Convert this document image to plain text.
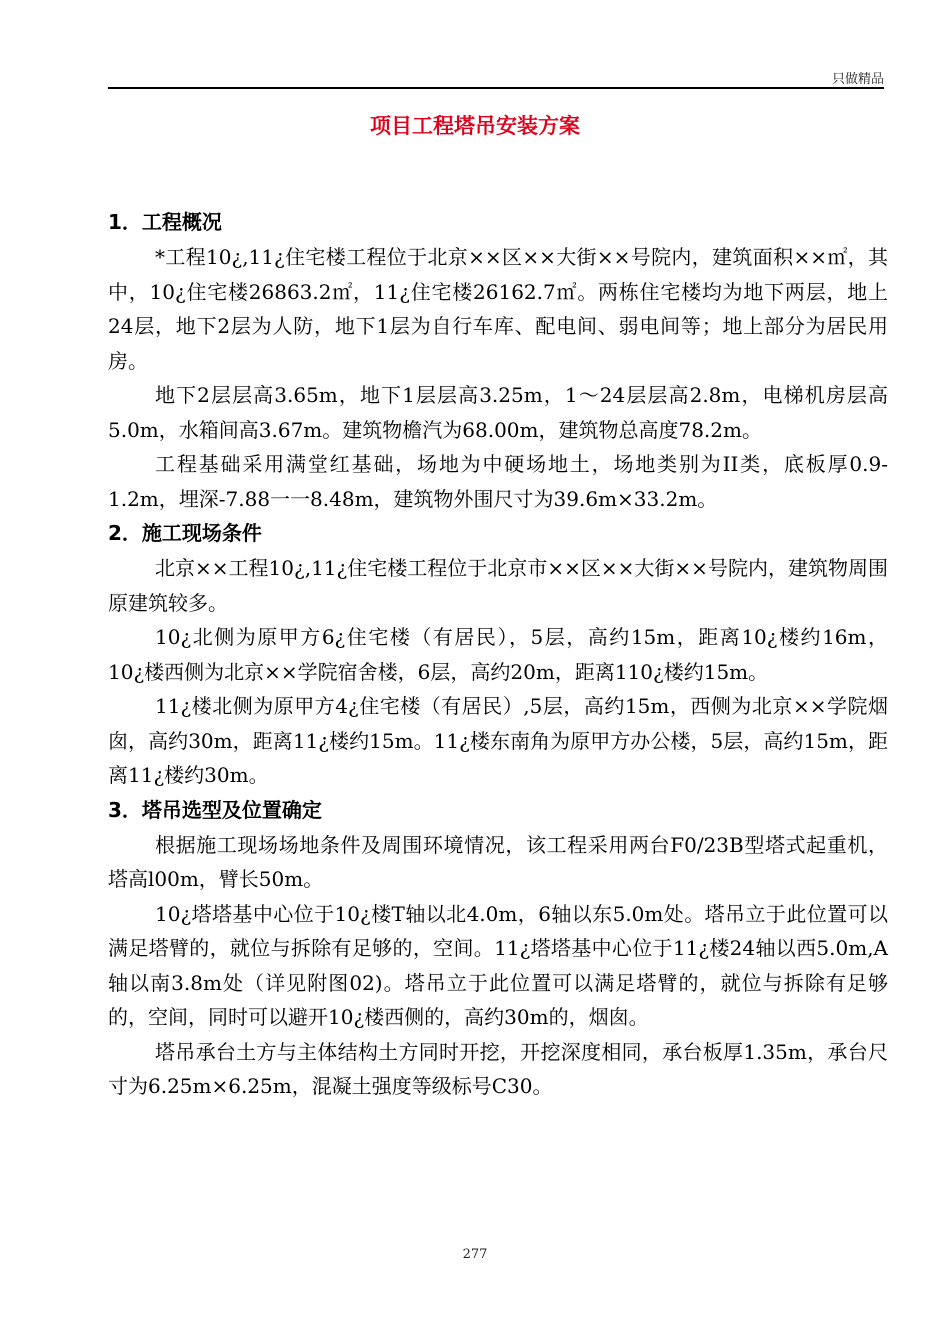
只做精品
项目工程塔吊安装方案
1．工程概况

*工程10¿,11¿住宅楼工程位于北京××区××大街××号院内，建筑面积××㎡，其中，10¿住宅楼26863.2㎡，11¿住宅楼26162.7㎡。两栋住宅楼均为地下两层，地上24层，地下2层为人防，地下1层为自行车库、配电间、弱电间等；地上部分为居民用房。

地下2层层高3.65m，地下1层层高3.25m，1～24层层高2.8m，电梯机房层高5.0m，水箱间高3.67m。建筑物檐汽为68.00m，建筑物总高度78.2m。

工程基础采用满堂红基础，场地为中硬场地土，场地类别为II类，底板厚0.9-1.2m，埋深-7.88一一8.48m，建筑物外围尺寸为39.6m×33.2m。

2．施工现场条件

北京××工程10¿,11¿住宅楼工程位于北京市××区××大街××号院内，建筑物周围原建筑较多。

10¿北侧为原甲方6¿住宅楼（有居民），5层，高约15m，距离10¿楼约16m，10¿楼西侧为北京××学院宿舍楼，6层，高约20m，距离110¿楼约15m。

11¿楼北侧为原甲方4¿住宅楼（有居民）,5层，高约15m，西侧为北京××学院烟囱，高约30m，距离11¿楼约15m。11¿楼东南角为原甲方办公楼，5层，高约15m，距离11¿楼约30m。

3．塔吊选型及位置确定

根据施工现场场地条件及周围环境情况，该工程采用两台F0/23B型塔式起重机，塔高l00m，臂长50m。

10¿塔塔基中心位于10¿楼T轴以北4.0m，6轴以东5.0m处。塔吊立于此位置可以满足塔臂的，就位与拆除有足够的，空间。11¿塔塔基中心位于11¿楼24轴以西5.0m,A轴以南3.8m处（详见附图02)。塔吊立于此位置可以满足塔臂的，就位与拆除有足够的，空间，同时可以避开10¿楼西侧的，高约30m的，烟囱。

塔吊承台土方与主体结构土方同时开挖，开挖深度相同，承台板厚1.35m，承台尺寸为6.25m×6.25m，混凝土强度等级标号C30。

277
